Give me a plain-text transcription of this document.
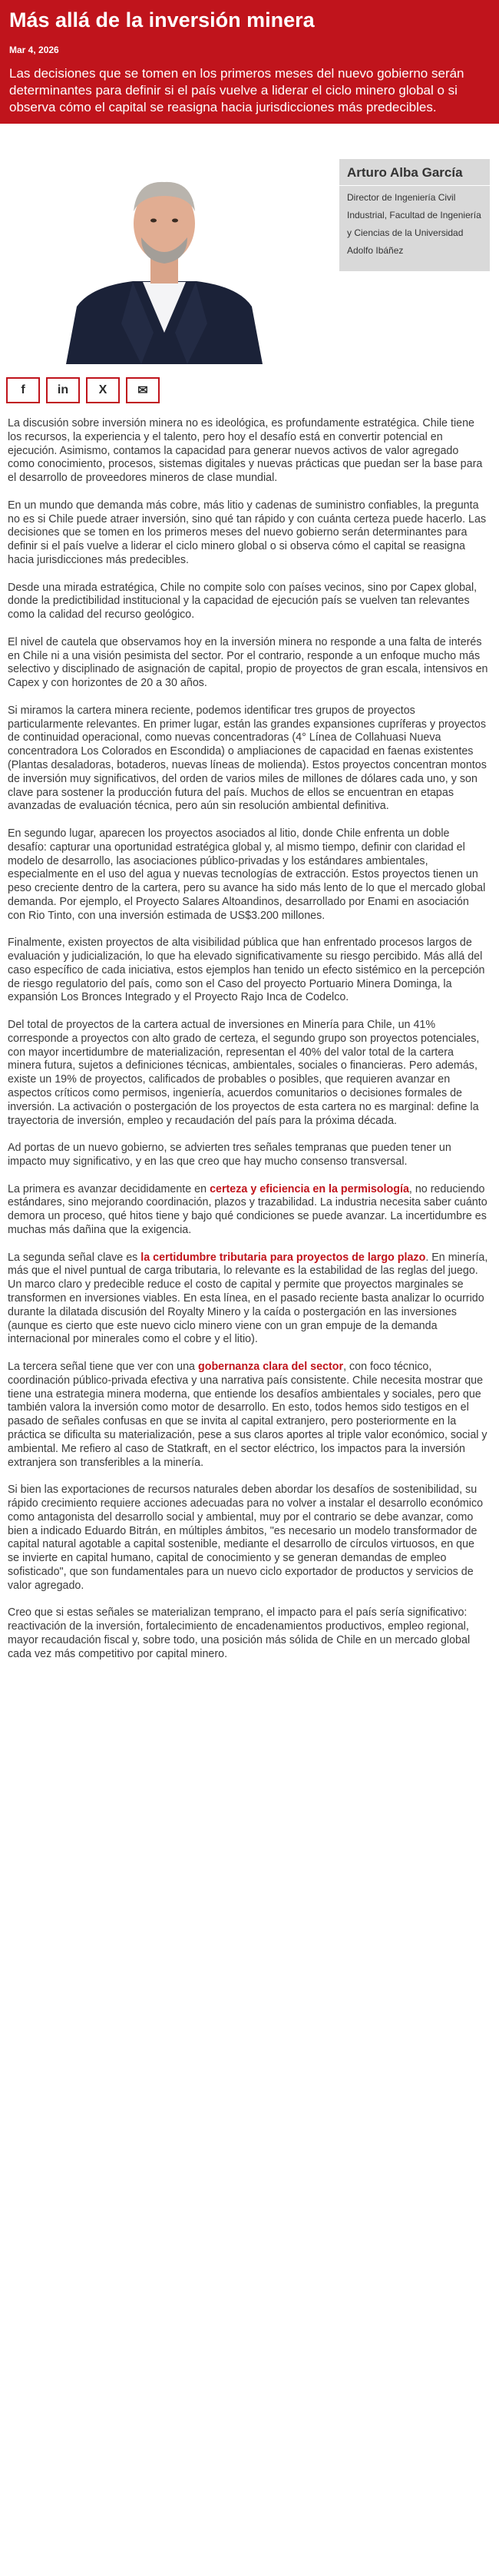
Más allá de la inversión minera
Mar 4, 2026
Las decisiones que se tomen en los primeros meses del nuevo gobierno serán determinantes para definir si el país vuelve a liderar el ciclo minero global o si observa cómo el capital se reasigna hacia jurisdicciones más predecibles.
Arturo Alba García
Director de Ingeniería Civil Industrial, Facultad de Ingeniería y Ciencias de la Universidad Adolfo Ibáñez
f	in X ✉

La discusión sobre inversión minera no es ideológica, es profundamente estratégica. Chile tiene los recursos, la experiencia y el talento, pero hoy el desafío está en convertir potencial en ejecución. Asimismo, contamos la capacidad para generar nuevos activos de valor agregado como conocimiento, procesos, sistemas digitales y nuevas prácticas que puedan ser la base para el desarrollo de proveedores mineros de clase mundial.

En un mundo que demanda más cobre, más litio y cadenas de suministro confiables, la pregunta no es si Chile puede atraer inversión, sino qué tan rápido y con cuánta certeza puede hacerlo. Las decisiones que se tomen en los primeros meses del nuevo gobierno serán determinantes para definir si el país vuelve a liderar el ciclo minero global o si observa cómo el capital se reasigna hacia jurisdicciones más predecibles.

Desde una mirada estratégica, Chile no compite solo con países vecinos, sino por Capex global, donde la predictibilidad institucional y la capacidad de ejecución país se vuelven tan relevantes como la calidad del recurso geológico.

El nivel de cautela que observamos hoy en la inversión minera no responde a una falta de interés en Chile ni a una visión pesimista del sector. Por el contrario, responde a un enfoque mucho más selectivo y disciplinado de asignación de capital, propio de proyectos de gran escala, intensivos en Capex y con horizontes de 20 a 30 años.

Si miramos la cartera minera reciente, podemos identificar tres grupos de proyectos particularmente relevantes. En primer lugar, están las grandes expansiones cupríferas y proyectos de continuidad operacional, como nuevas concentradoras (4° Línea de Collahuasi Nueva concentradora Los Colorados en Escondida) o ampliaciones de capacidad en faenas existentes (Plantas desaladoras, botaderos, nuevas líneas de molienda). Estos proyectos concentran montos de inversión muy significativos, del orden de varios miles de millones de dólares cada uno, y son clave para sostener la producción futura del país. Muchos de ellos se encuentran en etapas avanzadas de evaluación técnica, pero aún sin resolución ambiental definitiva.

En segundo lugar, aparecen los proyectos asociados al litio, donde Chile enfrenta un doble desafío: capturar una oportunidad estratégica global y, al mismo tiempo, definir con claridad el modelo de desarrollo, las asociaciones público-privadas y los estándares ambientales, especialmente en el uso del agua y nuevas tecnologías de extracción. Estos proyectos tienen un peso creciente dentro de la cartera, pero su avance ha sido más lento de lo que el mercado global demanda. Por ejemplo, el Proyecto Salares Altoandinos, desarrollado por Enami en asociación con Rio Tinto, con una inversión estimada de US$3.200 millones.

Finalmente, existen proyectos de alta visibilidad pública que han enfrentado procesos largos de evaluación y judicialización, lo que ha elevado significativamente su riesgo percibido. Más allá del caso específico de cada iniciativa, estos ejemplos han tenido un efecto sistémico en la percepción de riesgo regulatorio del país, como son el Caso del proyecto Portuario Minera Dominga, la expansión Los Bronces Integrado y el Proyecto Rajo Inca de Codelco.

Del total de proyectos de la cartera actual de inversiones en Minería para Chile, un 41% corresponde a proyectos con alto grado de certeza, el segundo grupo son proyectos potenciales, con mayor incertidumbre de materialización, representan el 40% del valor total de la cartera minera futura, sujetos a definiciones técnicas, ambientales, sociales o financieras. Pero además, existe un 19% de proyectos, calificados de probables o posibles, que requieren avanzar en aspectos críticos como permisos, ingeniería, acuerdos comunitarios o decisiones formales de inversión. La activación o postergación de los proyectos de esta cartera no es marginal: define la trayectoria de inversión, empleo y recaudación del país para la próxima década.

Ad portas de un nuevo gobierno, se advierten tres señales tempranas que pueden tener un impacto muy significativo, y en las que creo que hay mucho consenso transversal.

La primera es avanzar decididamente en certeza y eficiencia en la permisología, no reduciendo estándares, sino mejorando coordinación, plazos y trazabilidad. La industria necesita saber cuánto demora un proceso, qué hitos tiene y bajo qué condiciones se puede avanzar. La incertidumbre es muchas más dañina que la exigencia.

La segunda señal clave es la certidumbre tributaria para proyectos de largo plazo. En minería, más que el nivel puntual de carga tributaria, lo relevante es la estabilidad de las reglas del juego. Un marco claro y predecible reduce el costo de capital y permite que proyectos marginales se transformen en inversiones viables. En esta línea, en el pasado reciente basta analizar lo ocurrido durante la dilatada discusión del Royalty Minero y la caída o postergación en las inversiones (aunque es cierto que este nuevo ciclo minero viene con un gran empuje de la demanda internacional por minerales como el cobre y el litio).

La tercera señal tiene que ver con una gobernanza clara del sector, con foco técnico, coordinación público-privada efectiva y una narrativa país consistente. Chile necesita mostrar que tiene una estrategia minera moderna, que entiende los desafíos ambientales y sociales, pero que también valora la inversión como motor de desarrollo. En esto, todos hemos sido testigos en el pasado de señales confusas en que se invita al capital extranjero, pero posteriormente en la práctica se dificulta su materialización, pese a sus claros aportes al triple valor económico, social y ambiental. Me refiero al caso de Statkraft, en el sector eléctrico, los impactos para la inversión extranjera son transferibles a la minería.

Si bien las exportaciones de recursos naturales deben abordar los desafíos de sostenibilidad, su rápido crecimiento requiere acciones adecuadas para no volver a instalar el desarrollo económico como antagonista del desarrollo social y ambiental, muy por el contrario se debe avanzar, como bien a indicado Eduardo Bitrán, en múltiples ámbitos, "es necesario un modelo transformador de capital natural agotable a capital sostenible, mediante el desarrollo de círculos virtuosos, en que se invierte en capital humano, capital de conocimiento y se generan demandas de empleo sofisticado", que son fundamentales para un nuevo ciclo exportador de productos y servicios de valor agregado.

Creo que si estas señales se materializan temprano, el impacto para el país sería significativo: reactivación de la inversión, fortalecimiento de encadenamientos productivos, empleo regional, mayor recaudación fiscal y, sobre todo, una posición más sólida de Chile en un mercado global cada vez más competitivo por capital minero.
